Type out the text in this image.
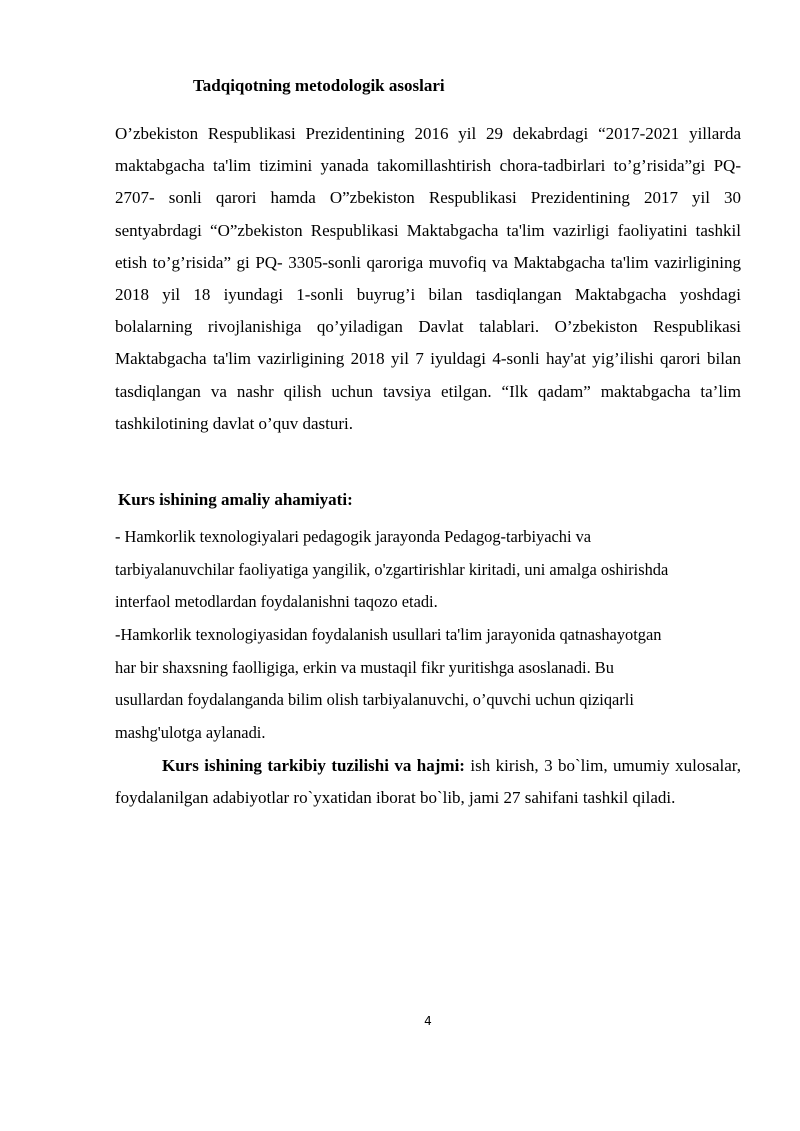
Tadqiqotning metodologik asoslari

O’zbekiston Respublikasi Prezidentining 2016 yil 29 dekabrdagi “2017-2021 yillarda maktabgacha ta'lim tizimini yanada takomillashtirish chora-tadbirlari to’g’risida”gi PQ-2707- sonli qarori hamda O”zbekiston Respublikasi Prezidentining 2017 yil 30 sentyabrdagi “O”zbekiston Respublikasi Maktabgacha ta'lim vazirligi faoliyatini tashkil etish to’g’risida” gi PQ- 3305-sonli qaroriga muvofiq va Maktabgacha ta'lim vazirligining 2018 yil 18 iyundagi 1-sonli buyrug’i bilan tasdiqlangan Maktabgacha yoshdagi bolalarning rivojlanishiga qo’yiladigan Davlat talablari. O’zbekiston Respublikasi Maktabgacha ta'lim vazirligining 2018 yil 7 iyuldagi 4-sonli hay'at yig’ilishi qarori bilan tasdiqlangan va nashr qilish uchun tavsiya etilgan. “Ilk qadam” maktabgacha ta’lim tashkilotining davlat o’quv dasturi.

Kurs ishining amaliy ahamiyati:

- Hamkorlik texnologiyalari pedagogik jarayonda Pedagog-tarbiyachi va tarbiyalanuvchilar faoliyatiga yangilik, o'zgartirishlar kiritadi, uni amalga oshirishda interfaol metodlardan foydalanishni taqozo etadi.

-Hamkorlik texnologiyasidan foydalanish usullari ta'lim jarayonida qatnashayotgan har bir shaxsning faolligiga, erkin va mustaqil fikr yuritishga asoslanadi. Bu usullardan foydalanganda bilim olish tarbiyalanuvchi, o’quvchi uchun qiziqarli mashg'ulotga aylanadi.

Kurs ishining tarkibiy tuzilishi va hajmi: ish kirish, 3 bo`lim, umumiy xulosalar, foydalanilgan adabiyotlar ro`yxatidan iborat bo`lib, jami 27 sahifani tashkil qiladi.

4
